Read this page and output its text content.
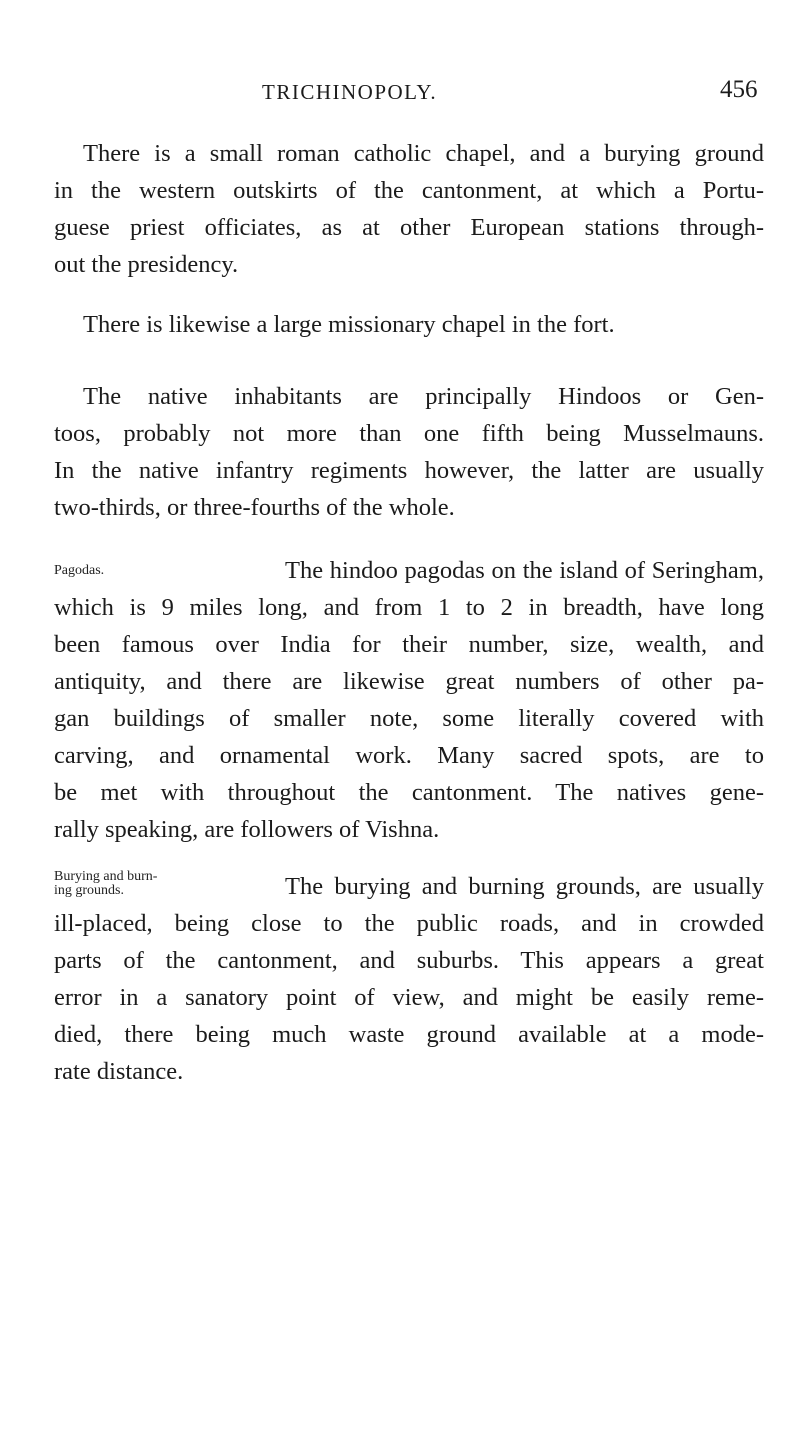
TRICHINOPOLY.	456

There is a small roman catholic chapel, and a burying ground
in the western outskirts of the cantonment, at which a Portu-
guese priest officiates, as at other European stations through-
out the presidency.

There is likewise a large missionary chapel in the fort.

The native inhabitants are principally Hindoos or Gen-
toos, probably not more than one fifth being Musselmauns.
In the native infantry regiments however, the latter are usually
two-thirds, or three-fourths of the whole.

Pagodas.	The hindoo pagodas on the island of Seringham,
which is 9 miles long, and from 1 to 2 in breadth, have long
been famous over India for their number, size, wealth, and
antiquity, and there are likewise great numbers of other pa-
gan buildings of smaller note, some literally covered with
carving, and ornamental work. Many sacred spots, are to
be met with throughout the cantonment. The natives gene-
rally speaking, are followers of Vishna.

Burying and burn-
ing grounds.	The burying and burning grounds, are usually
ill-placed, being close to the public roads, and in crowded
parts of the cantonment, and suburbs. This appears a great
error in a sanatory point of view, and might be easily reme-
died, there being much waste ground available at a mode-
rate distance.
